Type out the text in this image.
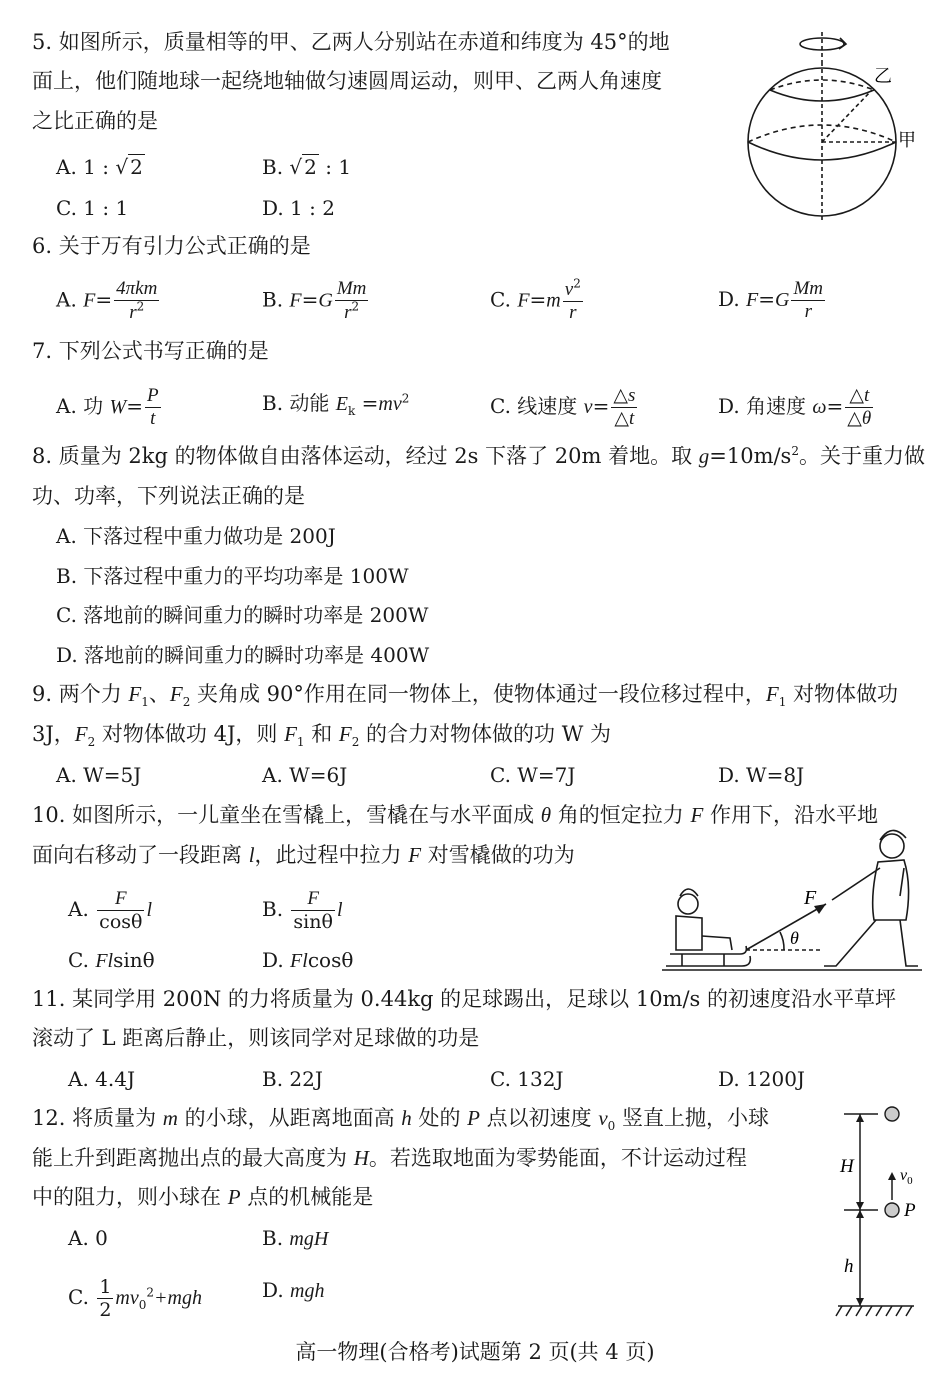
5. 如图所示，质量相等的甲、乙两人分别站在赤道和纬度为 45°的地
面上，他们随地球一起绕地轴做匀速圆周运动，则甲、乙两人角速度
之比正确的是
A. 1 : √ 2	B. √ 2 : 1
C. 1 : 1	D. 1 : 2
乙
甲
6. 关于万有引力公式正确的是
A. $F= \frac{\text{4πkm}}{r^2}$	B. $F=G \frac{Mm}{r^2}$	C. $F=m \frac{v^2}{r}$	D. $F=G \frac{Mm}{r}$
7. 下列公式书写正确的是
A. 功 $W= \frac{P}{t}$	B. 动能 $E_k =mv^2$	C. 线速度 $v= \frac{\triangle s}{\triangle t}$	D. 角速度 $\omega= \frac{\triangle t}{\triangle\theta}$
8. 质量为 2kg 的物体做自由落体运动，经过 2s 下落了 20m 着地。取 $g=10m/s^2$。关于重力做
功、功率，下列说法正确的是
A. 下落过程中重力做功是 200J
B. 下落过程中重力的平均功率是 100W
C. 落地前的瞬间重力的瞬时功率是 200W
D. 落地前的瞬间重力的瞬时功率是 400W
9. 两个力 $F_1$、$F_2$ 夹角成 90°作用在同一物体上，使物体通过一段位移过程中，$F_1$ 对物体做功
3J，$F_2$ 对物体做功 4J，则 $F_1$ 和 $F_2$ 的合力对物体做的功 W 为
A. W=5J	A. W=6J	C. W=7J	D. W=8J
10. 如图所示，一儿童坐在雪橇上，雪橇在与水平面成 θ 角的恒定拉力 F 作用下，沿水平地
面向右移动了一段距离 l，此过程中拉力 F 对雪橇做的功为
A. $\frac{F}{\cos\theta}$ l	B. $\frac{F}{\sin\theta}$ l
C. Flsinθ	D. Flcosθ
F
θ
11. 某同学用 200N 的力将质量为 0.44kg 的足球踢出，足球以 10m/s 的初速度沿水平草坪
滚动了 L 距离后静止，则该同学对足球做的功是
A. 4.4J	B. 22J	C. 132J	D. 1200J
12. 将质量为 m 的小球，从距离地面高 h 处的 P 点以初速度 $v_0$ 竖直上抛，小球
能上升到距离抛出点的最大高度为 H。若选取地面为零势能面，不计运动过程
中的阻力，则小球在 P 点的机械能是
A. 0	B. mgH
C. $\frac{1}{2} mv_0^2+mgh$	D. mgh
H
h
P
$v_0$
高一物理(合格考)试题第 2 页(共 4 页)
